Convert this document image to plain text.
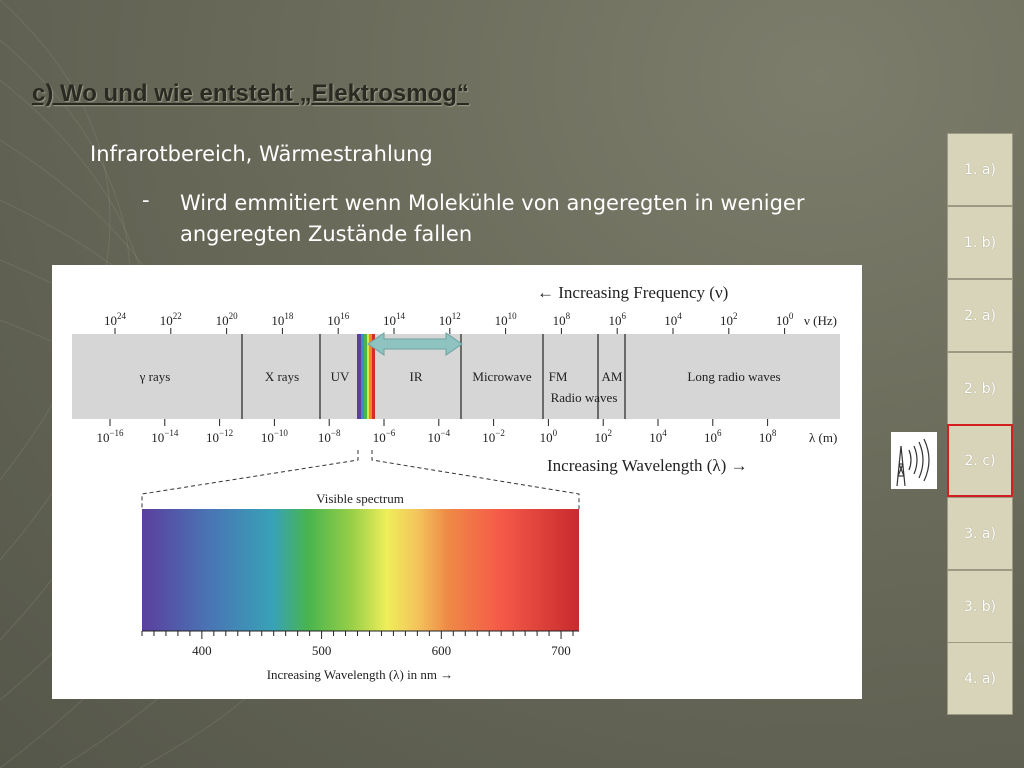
c) Wo und wie entsteht „Elektrosmog“
Infrarotbereich, Wärmestrahlung
- Wird emmitiert wenn Molekühle von angeregten in weniger angeregten Zustände fallen
← Increasing Frequency (ν)
$10^{24}$	$10^{22}$	$10^{20}$	$10^{18}$	$10^{16}$	$10^{14}$	$10^{12}$	$10^{10}$	$10^8$	$10^6$	$10^4$	$10^2$	$10^0$ ν (Hz)
γ rays	X rays UV	IR	Microwave FM	AM
Radio waves
Long radio waves
$10^{-16}$ $10^{-14}$ $10^{-12}$ $10^{-10}$ $10^{-8}$ $10^{-6}$ $10^{-4}$ $10^{-2}$	$10^0$	$10^2$	$10^4$	$10^6$	$10^8$	λ (m)
Increasing Wavelength (λ) →
Visible spectrum
400	500	600	700
Increasing Wavelength (λ) in nm →
1. a)
1. b)
2. a)
2. b)
2. c)
3. a)
3. b)
4. a)
